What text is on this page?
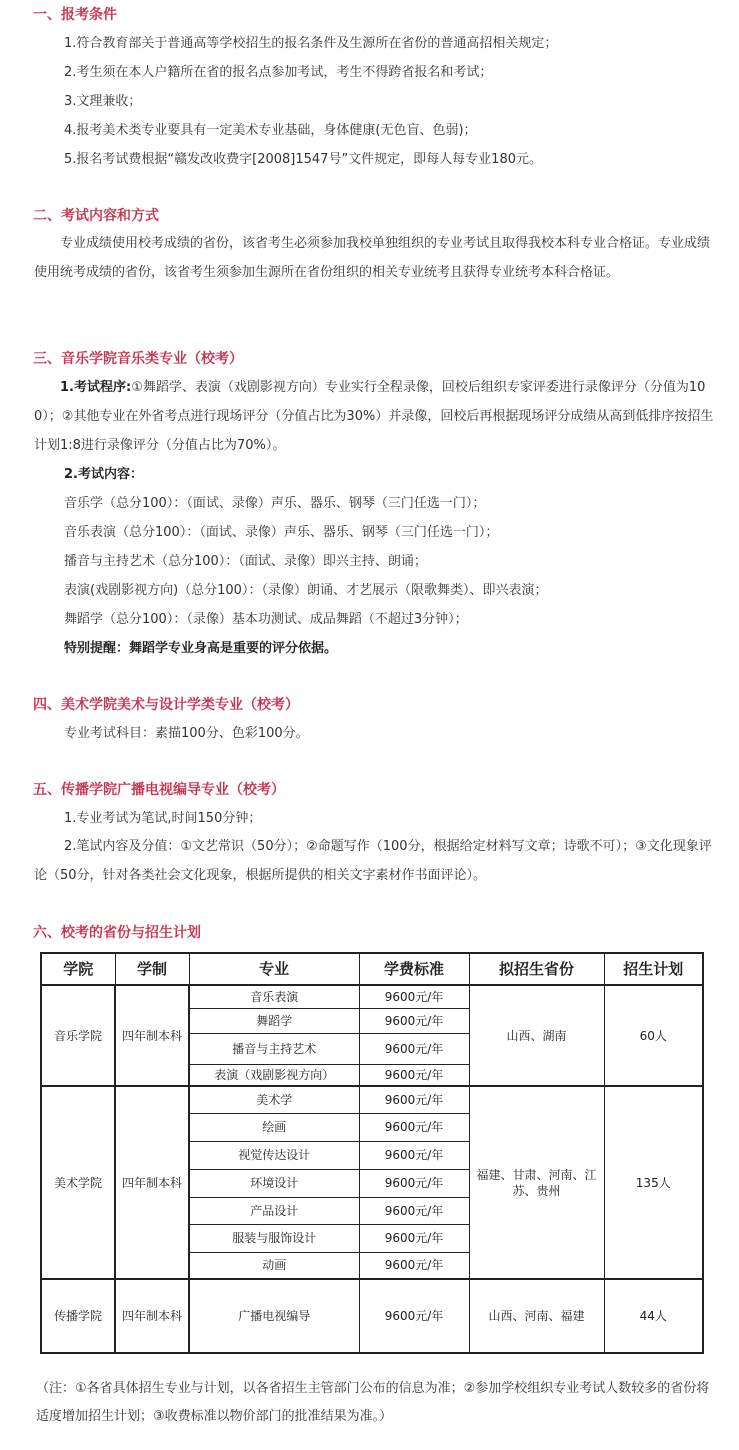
一、报考条件
1.符合教育部关于普通高等学校招生的报名条件及生源所在省份的普通高招相关规定；
2.考生须在本人户籍所在省的报名点参加考试，考生不得跨省报名和考试；
3.文理兼收；
4.报考美术类专业要具有一定美术专业基础，身体健康(无色盲、色弱)；
5.报名考试费根据“赣发改收费字[2008]1547号”文件规定，即每人每专业180元。
二、考试内容和方式
专业成绩使用校考成绩的省份，该省考生必须参加我校单独组织的专业考试且取得我校本科专业合格证。专业成绩使用统考成绩的省份，该省考生须参加生源所在省份组织的相关专业统考且获得专业统考本科合格证。
三、音乐学院音乐类专业（校考）
1.考试程序:①舞蹈学、表演（戏剧影视方向）专业实行全程录像，回校后组织专家评委进行录像评分（分值为100）；②其他专业在外省考点进行现场评分（分值占比为30%）并录像，回校后再根据现场评分成绩从高到低排序按招生计划1:8进行录像评分（分值占比为70%）。
2.考试内容：
音乐学（总分100）：（面试、录像）声乐、器乐、钢琴（三门任选一门）；
音乐表演（总分100）：（面试、录像）声乐、器乐、钢琴（三门任选一门）；
播音与主持艺术（总分100）：（面试、录像）即兴主持、朗诵；
表演(戏剧影视方向)（总分100）：（录像）朗诵、才艺展示（限歌舞类）、即兴表演；
舞蹈学（总分100）：（录像）基本功测试、成品舞蹈（不超过3分钟）；
特别提醒：舞蹈学专业身高是重要的评分依据。
四、美术学院美术与设计学类专业（校考）
专业考试科目：素描100分、色彩100分。
五、传播学院广播电视编导专业（校考）
1.专业考试为笔试,时间150分钟；
2.笔试内容及分值：①文艺常识（50分）；②命题写作（100分，根据给定材料写文章；诗歌不可）；③文化现象评论（50分，针对各类社会文化现象，根据所提供的相关文字素材作书面评论）。
六、校考的省份与招生计划
学院	学制	专业	学费标准	拟招生省份	招生计划
音乐学院	四年制本科	音乐表演	9600元/年	山西、湖南	60人
		舞蹈学	9600元/年		
		播音与主持艺术	9600元/年		
		表演（戏剧影视方向）	9600元/年		
美术学院	四年制本科	美术学	9600元/年	福建、甘肃、河南、江苏、贵州	135人
		绘画	9600元/年		
		视觉传达设计	9600元/年		
		环境设计	9600元/年		
		产品设计	9600元/年		
		服装与服饰设计	9600元/年		
		动画	9600元/年		
传播学院	四年制本科	广播电视编导	9600元/年	山西、河南、福建	44人
（注：①各省具体招生专业与计划，以各省招生主管部门公布的信息为准；②参加学校组织专业考试人数较多的省份将适度增加招生计划；③收费标准以物价部门的批准结果为准。）
